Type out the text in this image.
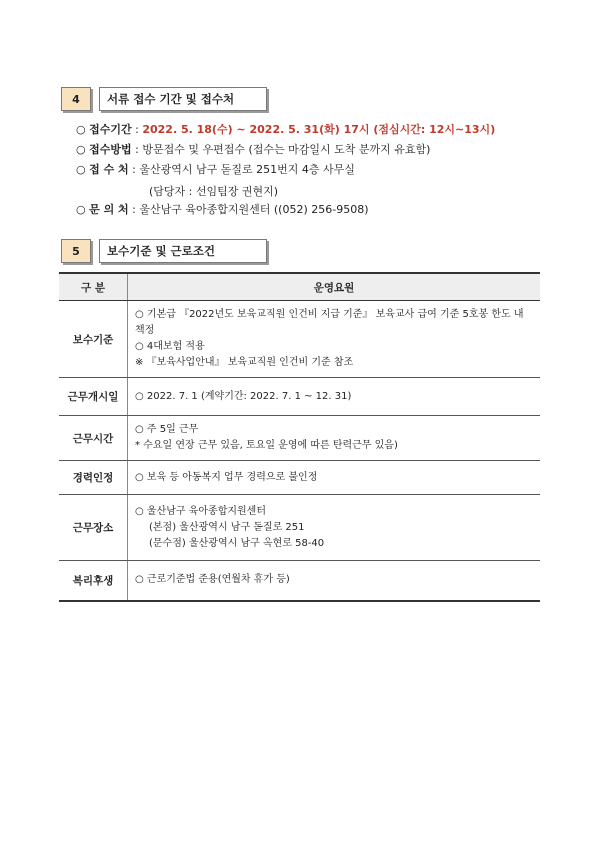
4	서류 접수 기간 및 접수처
○ 접수기간 : 2022. 5. 18(수) ~ 2022. 5. 31(화) 17시 (점심시간: 12시~13시)
○ 접수방법 : 방문접수 및 우편접수 (접수는 마감일시 도착 분까지 유효함)
○ 접 수 처 : 울산광역시 남구 돋질로 251번지 4층 사무실
(담당자 : 선임팀장 권현지)
○ 문 의 처 : 울산남구 육아종합지원센터 ((052) 256-9508)
5	보수기준 및 근로조건
구 분	운영요원
보수기준	○ 기본급 『2022년도 보육교직원 인건비 지급 기준』 보육교사 급여 기준 5호봉 한도 내 책정
○ 4대보험 적용
※ 『보육사업안내』 보육교직원 인건비 기준 참조

근무개시일	○ 2022. 7. 1 (계약기간: 2022. 7. 1 ~ 12. 31)

근무시간	○ 주 5일 근무
* 수요일 연장 근무 있음, 토요일 운영에 따른 탄력근무 있음)

경력인정	○ 보육 등 아동복지 업무 경력으로 불인정

근무장소	○ 울산남구 육아종합지원센터
(본점) 울산광역시 남구 돋질로 251
(문수점) 울산광역시 남구 옥현로 58-40

복리후생	○ 근로기준법 준용(연월차 휴가 등)
